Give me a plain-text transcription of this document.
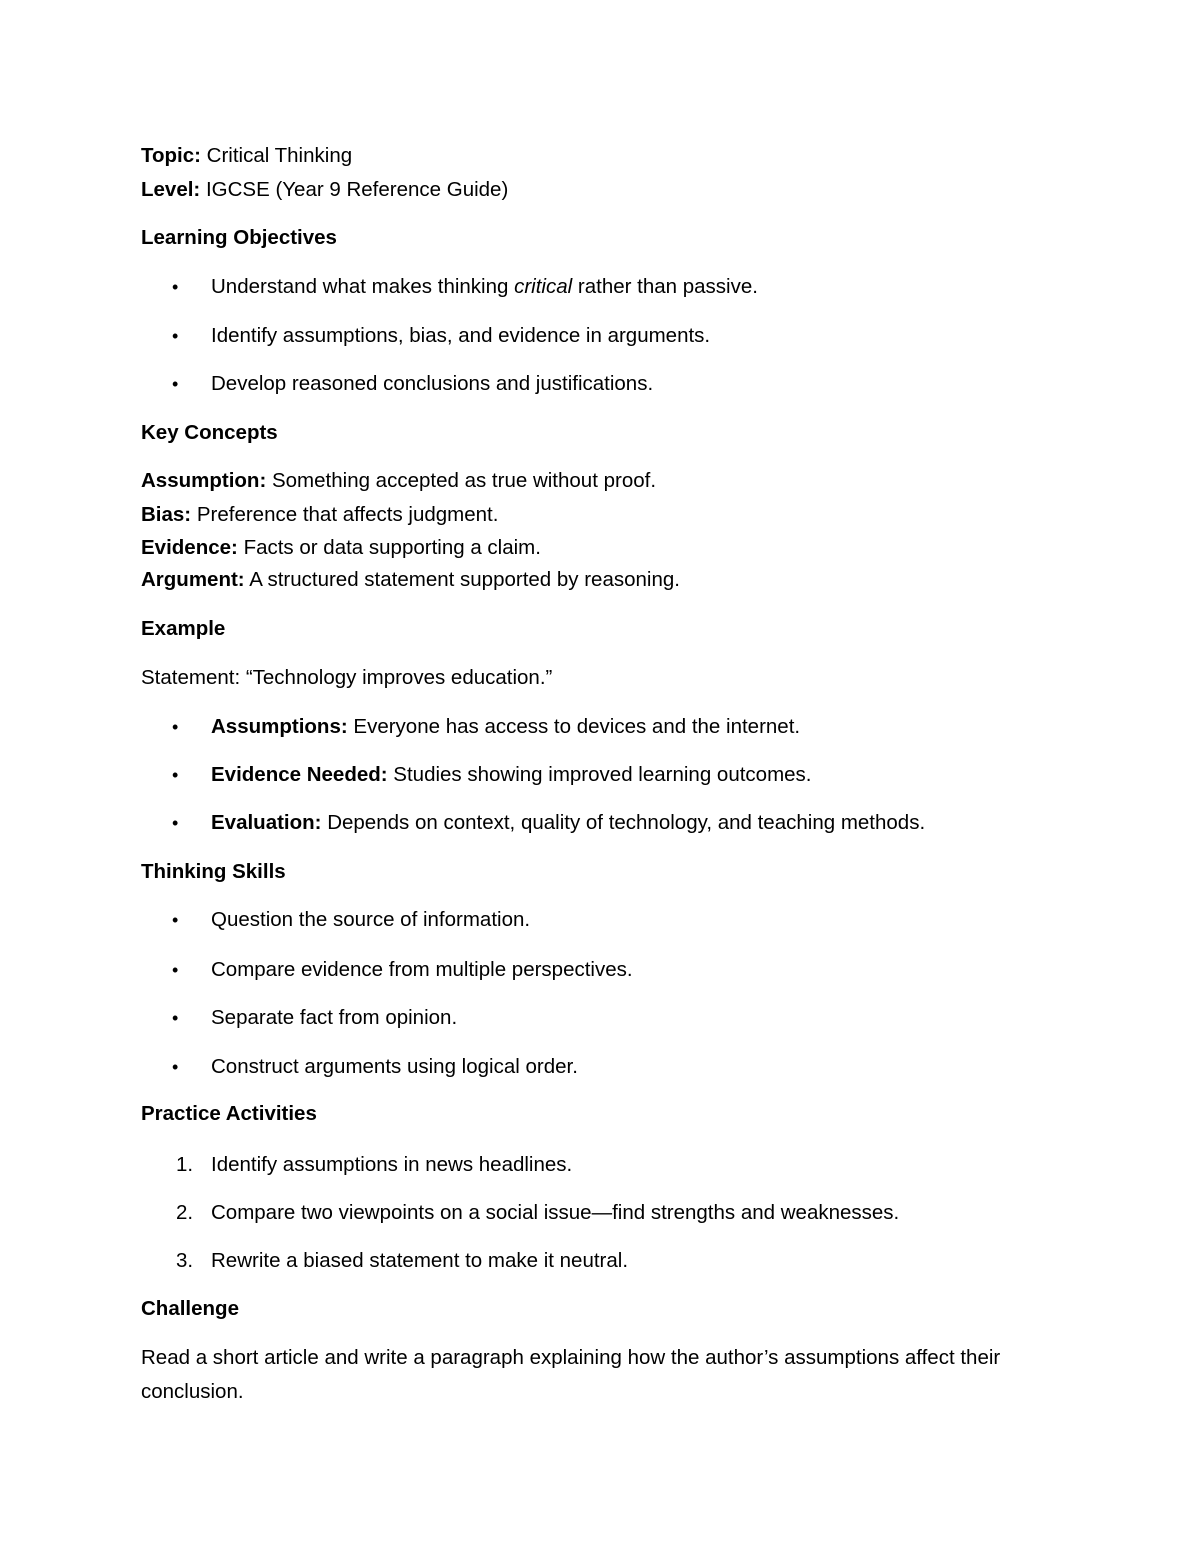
Topic: Critical Thinking
Level: IGCSE (Year 9 Reference Guide)
Learning Objectives
• Understand what makes thinking critical rather than passive.
• Identify assumptions, bias, and evidence in arguments.
• Develop reasoned conclusions and justifications.
Key Concepts
Assumption: Something accepted as true without proof.
Bias: Preference that affects judgment.
Evidence: Facts or data supporting a claim.
Argument: A structured statement supported by reasoning.
Example
Statement: “Technology improves education.”
• Assumptions: Everyone has access to devices and the internet.
• Evidence Needed: Studies showing improved learning outcomes.
• Evaluation: Depends on context, quality of technology, and teaching methods.
Thinking Skills
• Question the source of information.
• Compare evidence from multiple perspectives.
• Separate fact from opinion.
• Construct arguments using logical order.
Practice Activities
1. Identify assumptions in news headlines.
2. Compare two viewpoints on a social issue—find strengths and weaknesses.
3. Rewrite a biased statement to make it neutral.
Challenge
Read a short article and write a paragraph explaining how the author’s assumptions affect their
conclusion.
